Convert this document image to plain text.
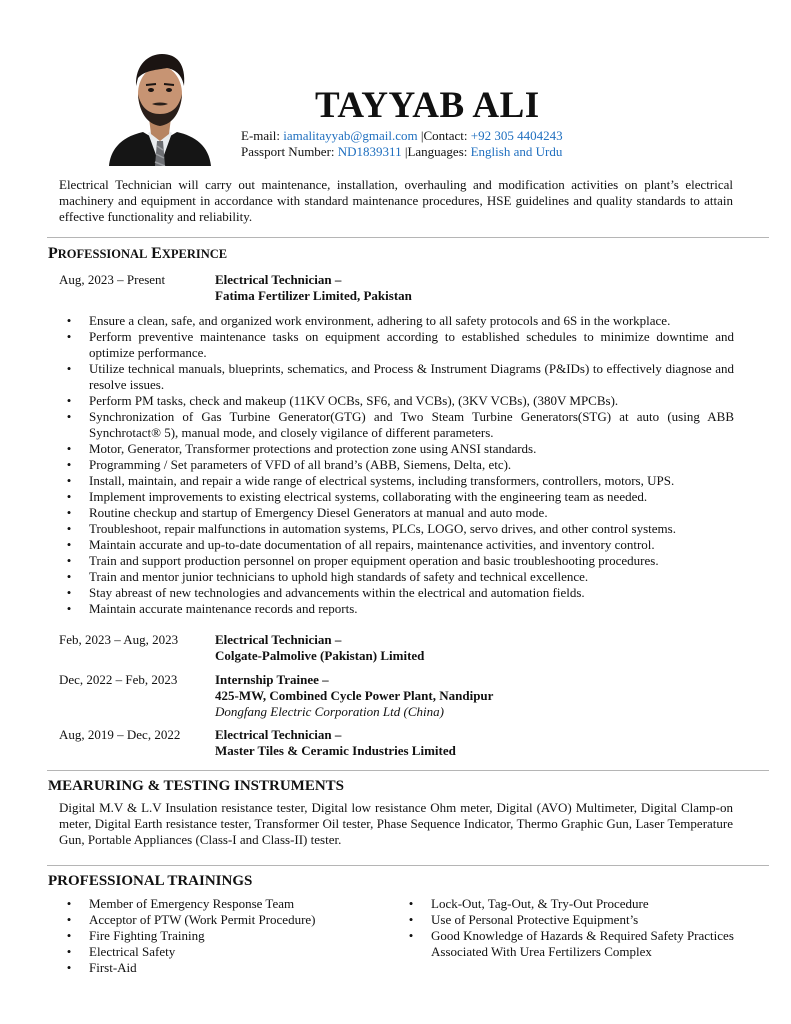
TAYYAB ALI
E-mail: iamalitayyab@gmail.com |Contact: +92 305 4404243
Passport Number: ND1839311 |Languages: English and Urdu
Electrical Technician will carry out maintenance, installation, overhauling and modification activities on plant’s electrical machinery and equipment in accordance with standard maintenance procedures, HSE guidelines and quality standards to attain effective functionality and reliability.
PROFESSIONAL EXPERINCE
Aug, 2023 – Present	Electrical Technician –
Fatima Fertilizer Limited, Pakistan
• Ensure a clean, safe, and organized work environment, adhering to all safety protocols and 6S in the workplace.
• Perform preventive maintenance tasks on equipment according to established schedules to minimize downtime and optimize performance.
• Utilize technical manuals, blueprints, schematics, and Process & Instrument Diagrams (P&IDs) to effectively diagnose and resolve issues.
• Perform PM tasks, check and makeup (11KV OCBs, SF6, and VCBs), (3KV VCBs), (380V MPCBs).
• Synchronization of Gas Turbine Generator(GTG) and Two Steam Turbine Generators(STG) at auto (using ABB Synchrotact® 5), manual mode, and closely vigilance of different parameters.
• Motor, Generator, Transformer protections and protection zone using ANSI standards.
• Programming / Set parameters of VFD of all brand’s (ABB, Siemens, Delta, etc).
• Install, maintain, and repair a wide range of electrical systems, including transformers, controllers, motors, UPS.
• Implement improvements to existing electrical systems, collaborating with the engineering team as needed.
• Routine checkup and startup of Emergency Diesel Generators at manual and auto mode.
• Troubleshoot, repair malfunctions in automation systems, PLCs, LOGO, servo drives, and other control systems.
• Maintain accurate and up-to-date documentation of all repairs, maintenance activities, and inventory control.
• Train and support production personnel on proper equipment operation and basic troubleshooting procedures.
• Train and mentor junior technicians to uphold high standards of safety and technical excellence.
• Stay abreast of new technologies and advancements within the electrical and automation fields.
• Maintain accurate maintenance records and reports.
Feb, 2023 – Aug, 2023	Electrical Technician –
Colgate-Palmolive (Pakistan) Limited
Dec, 2022 – Feb, 2023	Internship Trainee –
425-MW, Combined Cycle Power Plant, Nandipur
Dongfang Electric Corporation Ltd (China)
Aug, 2019 – Dec, 2022	Electrical Technician –
Master Tiles & Ceramic Industries Limited
MEARURING & TESTING INSTRUMENTS
Digital M.V & L.V Insulation resistance tester, Digital low resistance Ohm meter, Digital (AVO) Multimeter, Digital Clamp-on meter, Digital Earth resistance tester, Transformer Oil tester, Phase Sequence Indicator, Thermo Graphic Gun, Laser Temperature Gun, Portable Appliances (Class-I and Class-II) tester.
PROFESSIONAL TRAININGS
• Member of Emergency Response Team
• Acceptor of PTW (Work Permit Procedure)
• Fire Fighting Training
• Electrical Safety
• First-Aid
• Lock-Out, Tag-Out, & Try-Out Procedure
• Use of Personal Protective Equipment’s
• Good Knowledge of Hazards & Required Safety Practices Associated With Urea Fertilizers Complex
